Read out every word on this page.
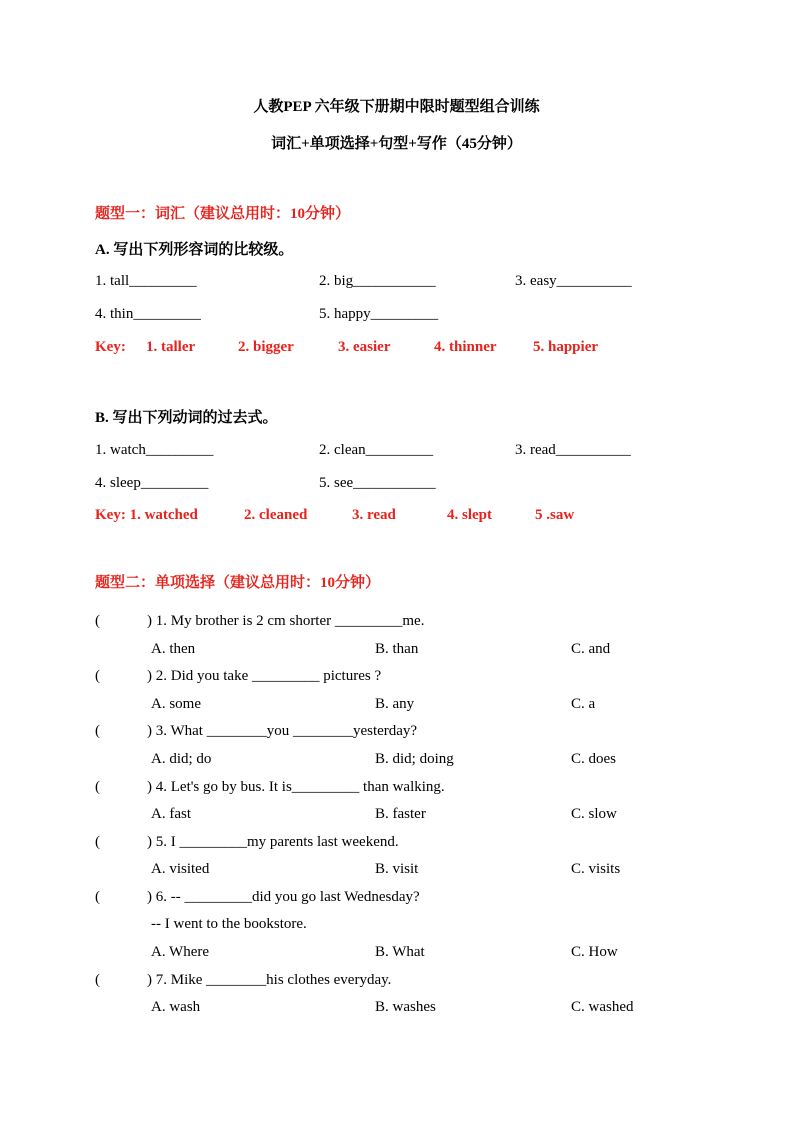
人教PEP 六年级下册期中限时题型组合训练
词汇+单项选择+句型+写作（45分钟）
题型一：词汇（建议总用时：10分钟）
A. 写出下列形容词的比较级。
1. tall_________	2. big___________	3. easy__________
4. thin_________	5. happy_________
Key: 1. taller	2. bigger	3. easier	4. thinner 5. happier
B. 写出下列动词的过去式。
1. watch_________	2. clean_________	3. read__________
4. sleep_________	5. see___________
Key: 1. watched	2. cleaned	3. read	4. slept	5 .saw
题型二：单项选择（建议总用时：10分钟）
(	) 1. My brother is 2 cm shorter _________me.
A. then	B. than	C. and
(	) 2. Did you take _________ pictures ?
A. some	B. any	C. a
(	) 3. What ________you ________yesterday?
A. did; do	B. did; doing	C. does
(	) 4. Let's go by bus. It is_________ than walking.
A. fast	B. faster	C. slow
(	) 5. I _________my parents last weekend.
A. visited	B. visit	C. visits
(	) 6. -- _________did you go last Wednesday?
-- I went to the bookstore.
A. Where	B. What	C. How
(	) 7. Mike ________his clothes everyday.
A. wash	B. washes	C. washed
